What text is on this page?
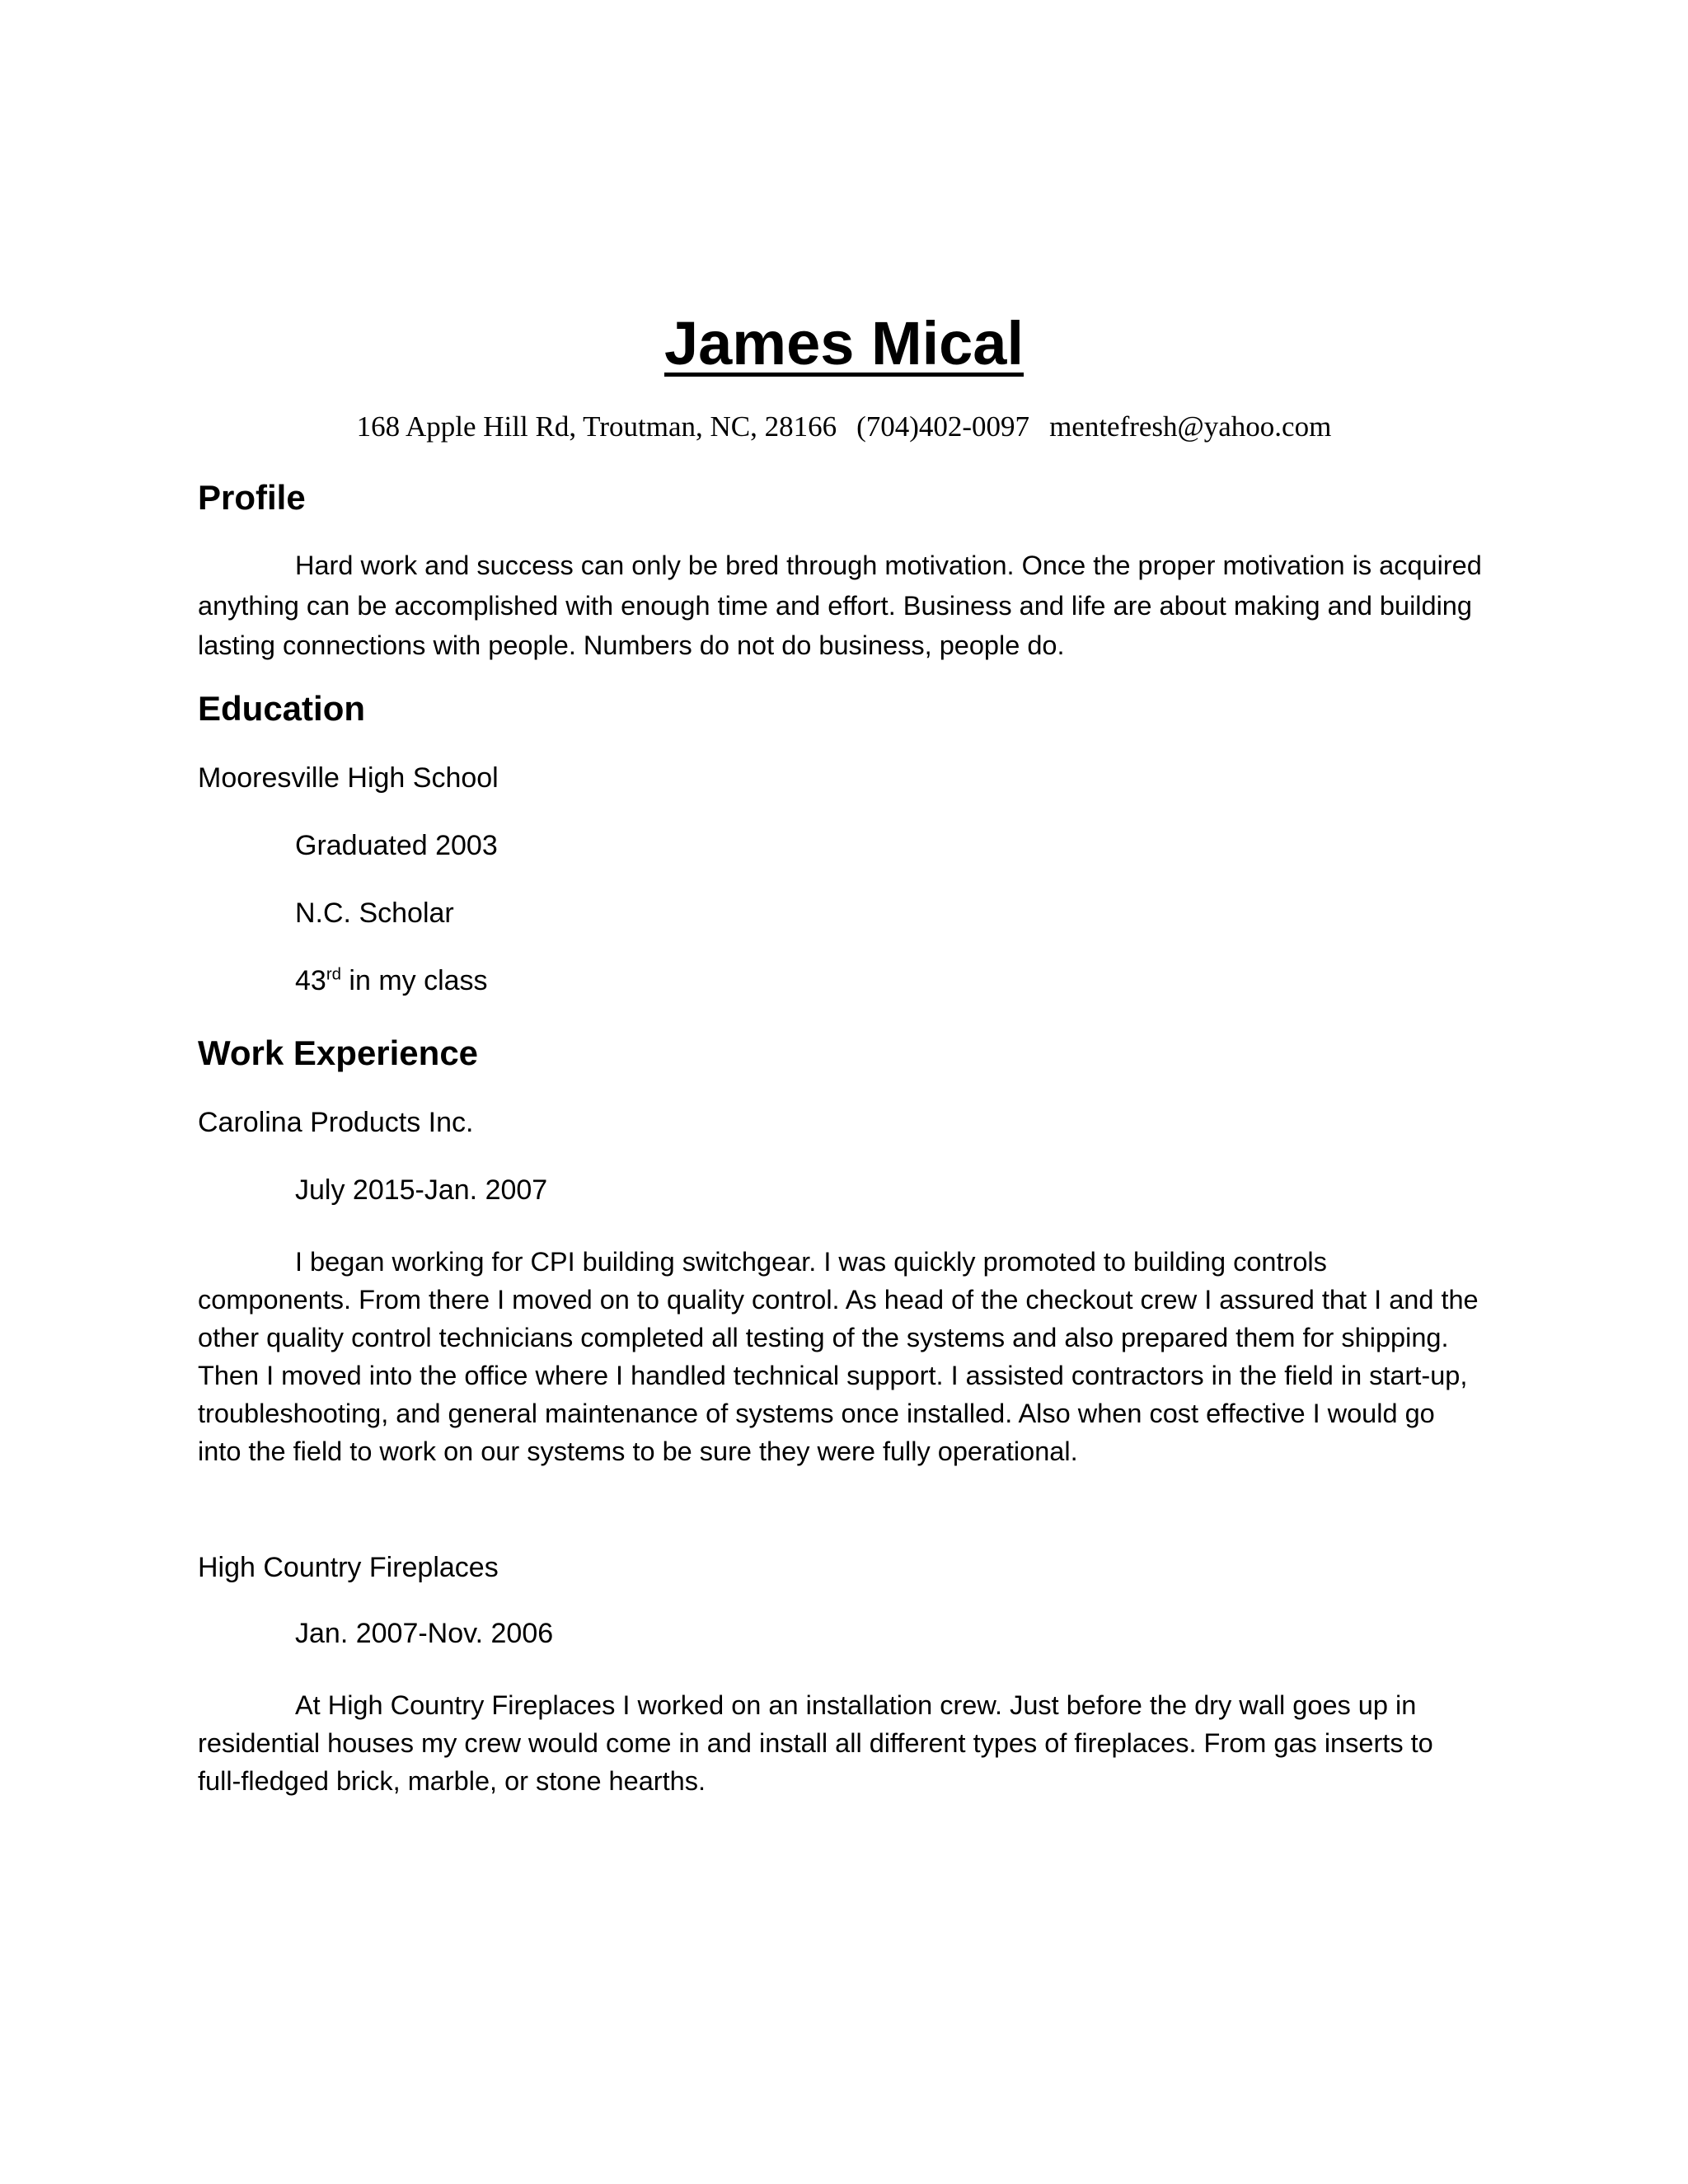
James Mical

168 Apple Hill Rd, Troutman, NC, 28166 (704)402-0097 mentefresh@yahoo.com

Profile

Hard work and success can only be bred through motivation. Once the proper motivation is acquired anything can be accomplished with enough time and effort. Business and life are about making and building lasting connections with people. Numbers do not do business, people do.

Education

Mooresville High School

Graduated 2003

N.C. Scholar

43rd in my class

Work Experience

Carolina Products Inc.

July 2015-Jan. 2007

I began working for CPI building switchgear. I was quickly promoted to building controls components. From there I moved on to quality control. As head of the checkout crew I assured that I and the other quality control technicians completed all testing of the systems and also prepared them for shipping. Then I moved into the office where I handled technical support. I assisted contractors in the field in start-up, troubleshooting, and general maintenance of systems once installed. Also when cost effective I would go into the field to work on our systems to be sure they were fully operational.

High Country Fireplaces

Jan. 2007-Nov. 2006

At High Country Fireplaces I worked on an installation crew. Just before the dry wall goes up in residential houses my crew would come in and install all different types of fireplaces. From gas inserts to full-fledged brick, marble, or stone hearths.
